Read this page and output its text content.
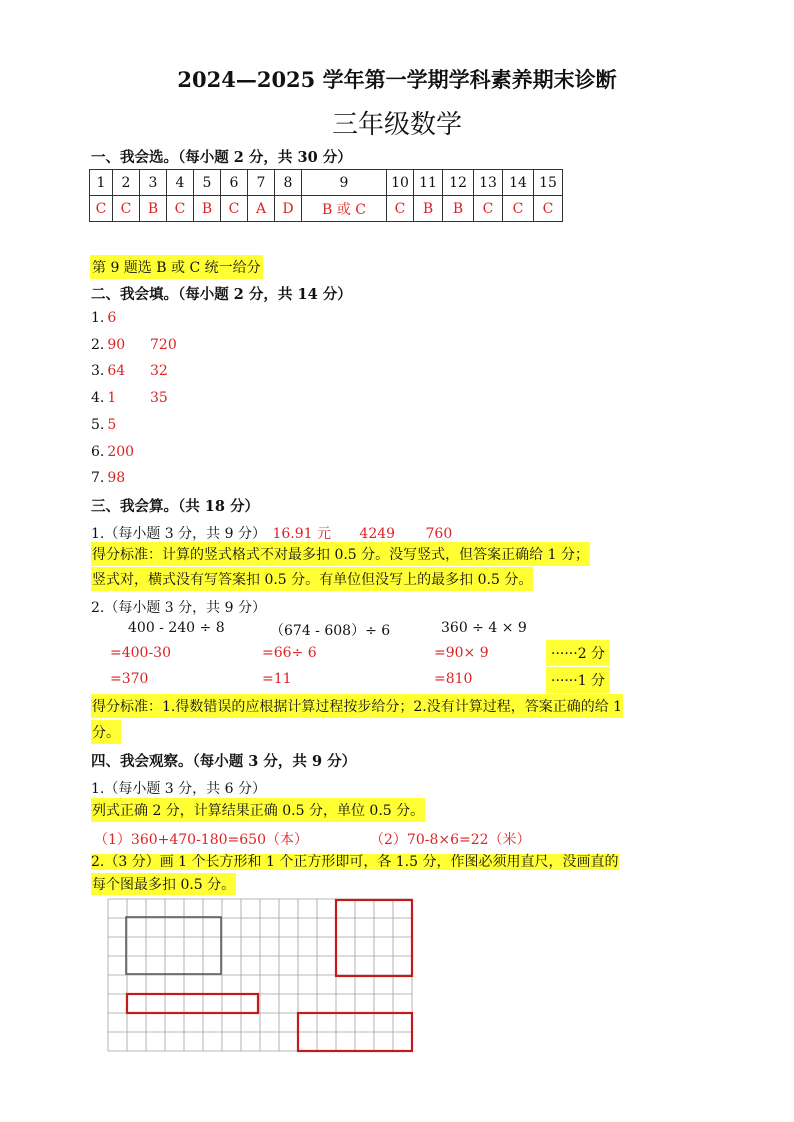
2024—2025 学年第一学期学科素养期末诊断
三年级数学
一、我会选。（每小题 2 分，共 30 分）
1	2	3	4	5	6	7	8	9	10	11	12	13	14	15
C	C	B	C	B	C	A	D	B 或 C	C	B	B	C	C	C
第 9 题选 B 或 C 统一给分
二、我会填。（每小题 2 分，共 14 分）
1. 6
2. 90 720
3. 64 32
4. 1 35
5. 5
6. 200
7. 98
三、我会算。（共 18 分）
1.（每小题 3 分，共 9 分） 16.91 元 4249 760
得分标准：计算的竖式格式不对最多扣 0.5 分。没写竖式，但答案正确给 1 分；
竖式对，横式没有写答案扣 0.5 分。有单位但没写上的最多扣 0.5 分。
2.（每小题 3 分，共 9 分）
400 - 240 ÷ 8	（674 - 608）÷ 6	360 ÷ 4 × 9
=400-30	=66÷ 6	=90× 9	······2 分
=370	=11	=810	······1 分
得分标准：1.得数错误的应根据计算过程按步给分；2.没有计算过程，答案正确的给 1
分。
四、我会观察。（每小题 3 分，共 9 分）
1.（每小题 3 分，共 6 分）
列式正确 2 分，计算结果正确 0.5 分，单位 0.5 分。
（1）360+470-180=650（本）	（2）70-8×6=22（米）
2.（3 分）画 1 个长方形和 1 个正方形即可，各 1.5 分，作图必须用直尺，没画直的
每个图最多扣 0.5 分。
